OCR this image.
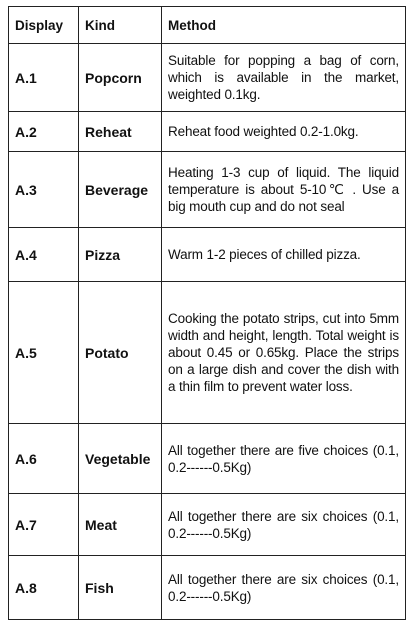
Display	Kind	Method
A.1	Popcorn	Suitable for popping a bag of corn, which is available in the market, weighted 0.1kg.
A.2	Reheat	Reheat food weighted 0.2-1.0kg.
A.3	Beverage	Heating 1-3 cup of liquid. The liquid temperature is about 5-10℃ . Use a big mouth cup and do not seal
A.4	Pizza	Warm 1-2 pieces of chilled pizza.
A.5	Potato	Cooking the potato strips, cut into 5mm width and height, length. Total weight is about 0.45 or 0.65kg. Place the strips on a large dish and cover the dish with a thin film to prevent water loss.
A.6	Vegetable	All together there are five choices (0.1, 0.2------0.5Kg)
A.7	Meat	All together there are six choices (0.1, 0.2------0.5Kg)
A.8	Fish	All together there are six choices (0.1, 0.2------0.5Kg)
